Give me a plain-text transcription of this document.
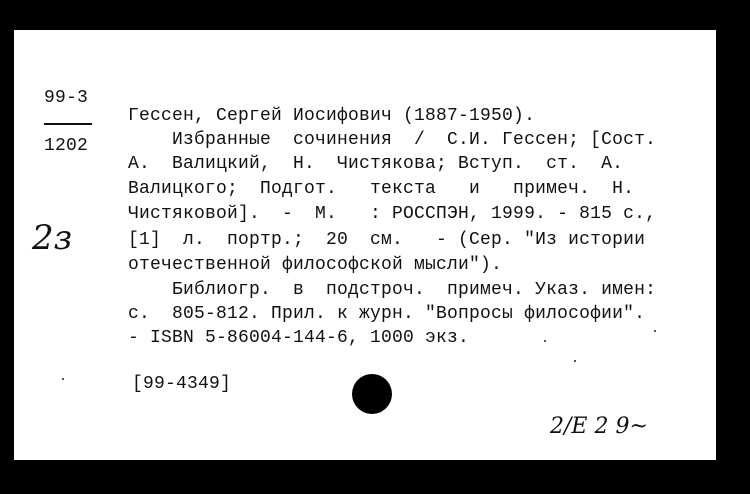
99-3
1202
2з
Гессен, Сергей Иосифович (1887-1950).
Избранные  сочинения  /  С.И. Гессен; [Сост.
А.  Валицкий,  Н.  Чистякова; Вступ.  ст.  А.
Валицкого;  Подгот.   текста   и   примеч.  Н.
Чистяковой].  -  М.   : РОССПЭН, 1999. - 815 с.,
[1]  л.  портр.;  20  см.   - (Сер. "Из истории
отечественной философской мысли").
Библиогр.  в  подстроч.  примеч. Указ. имен:
с.  805-812. Прил. к журн. "Вопросы философии".
- ISBN 5-86004-144-6, 1000 экз.
[99-4349]
2/Е 2 9~
